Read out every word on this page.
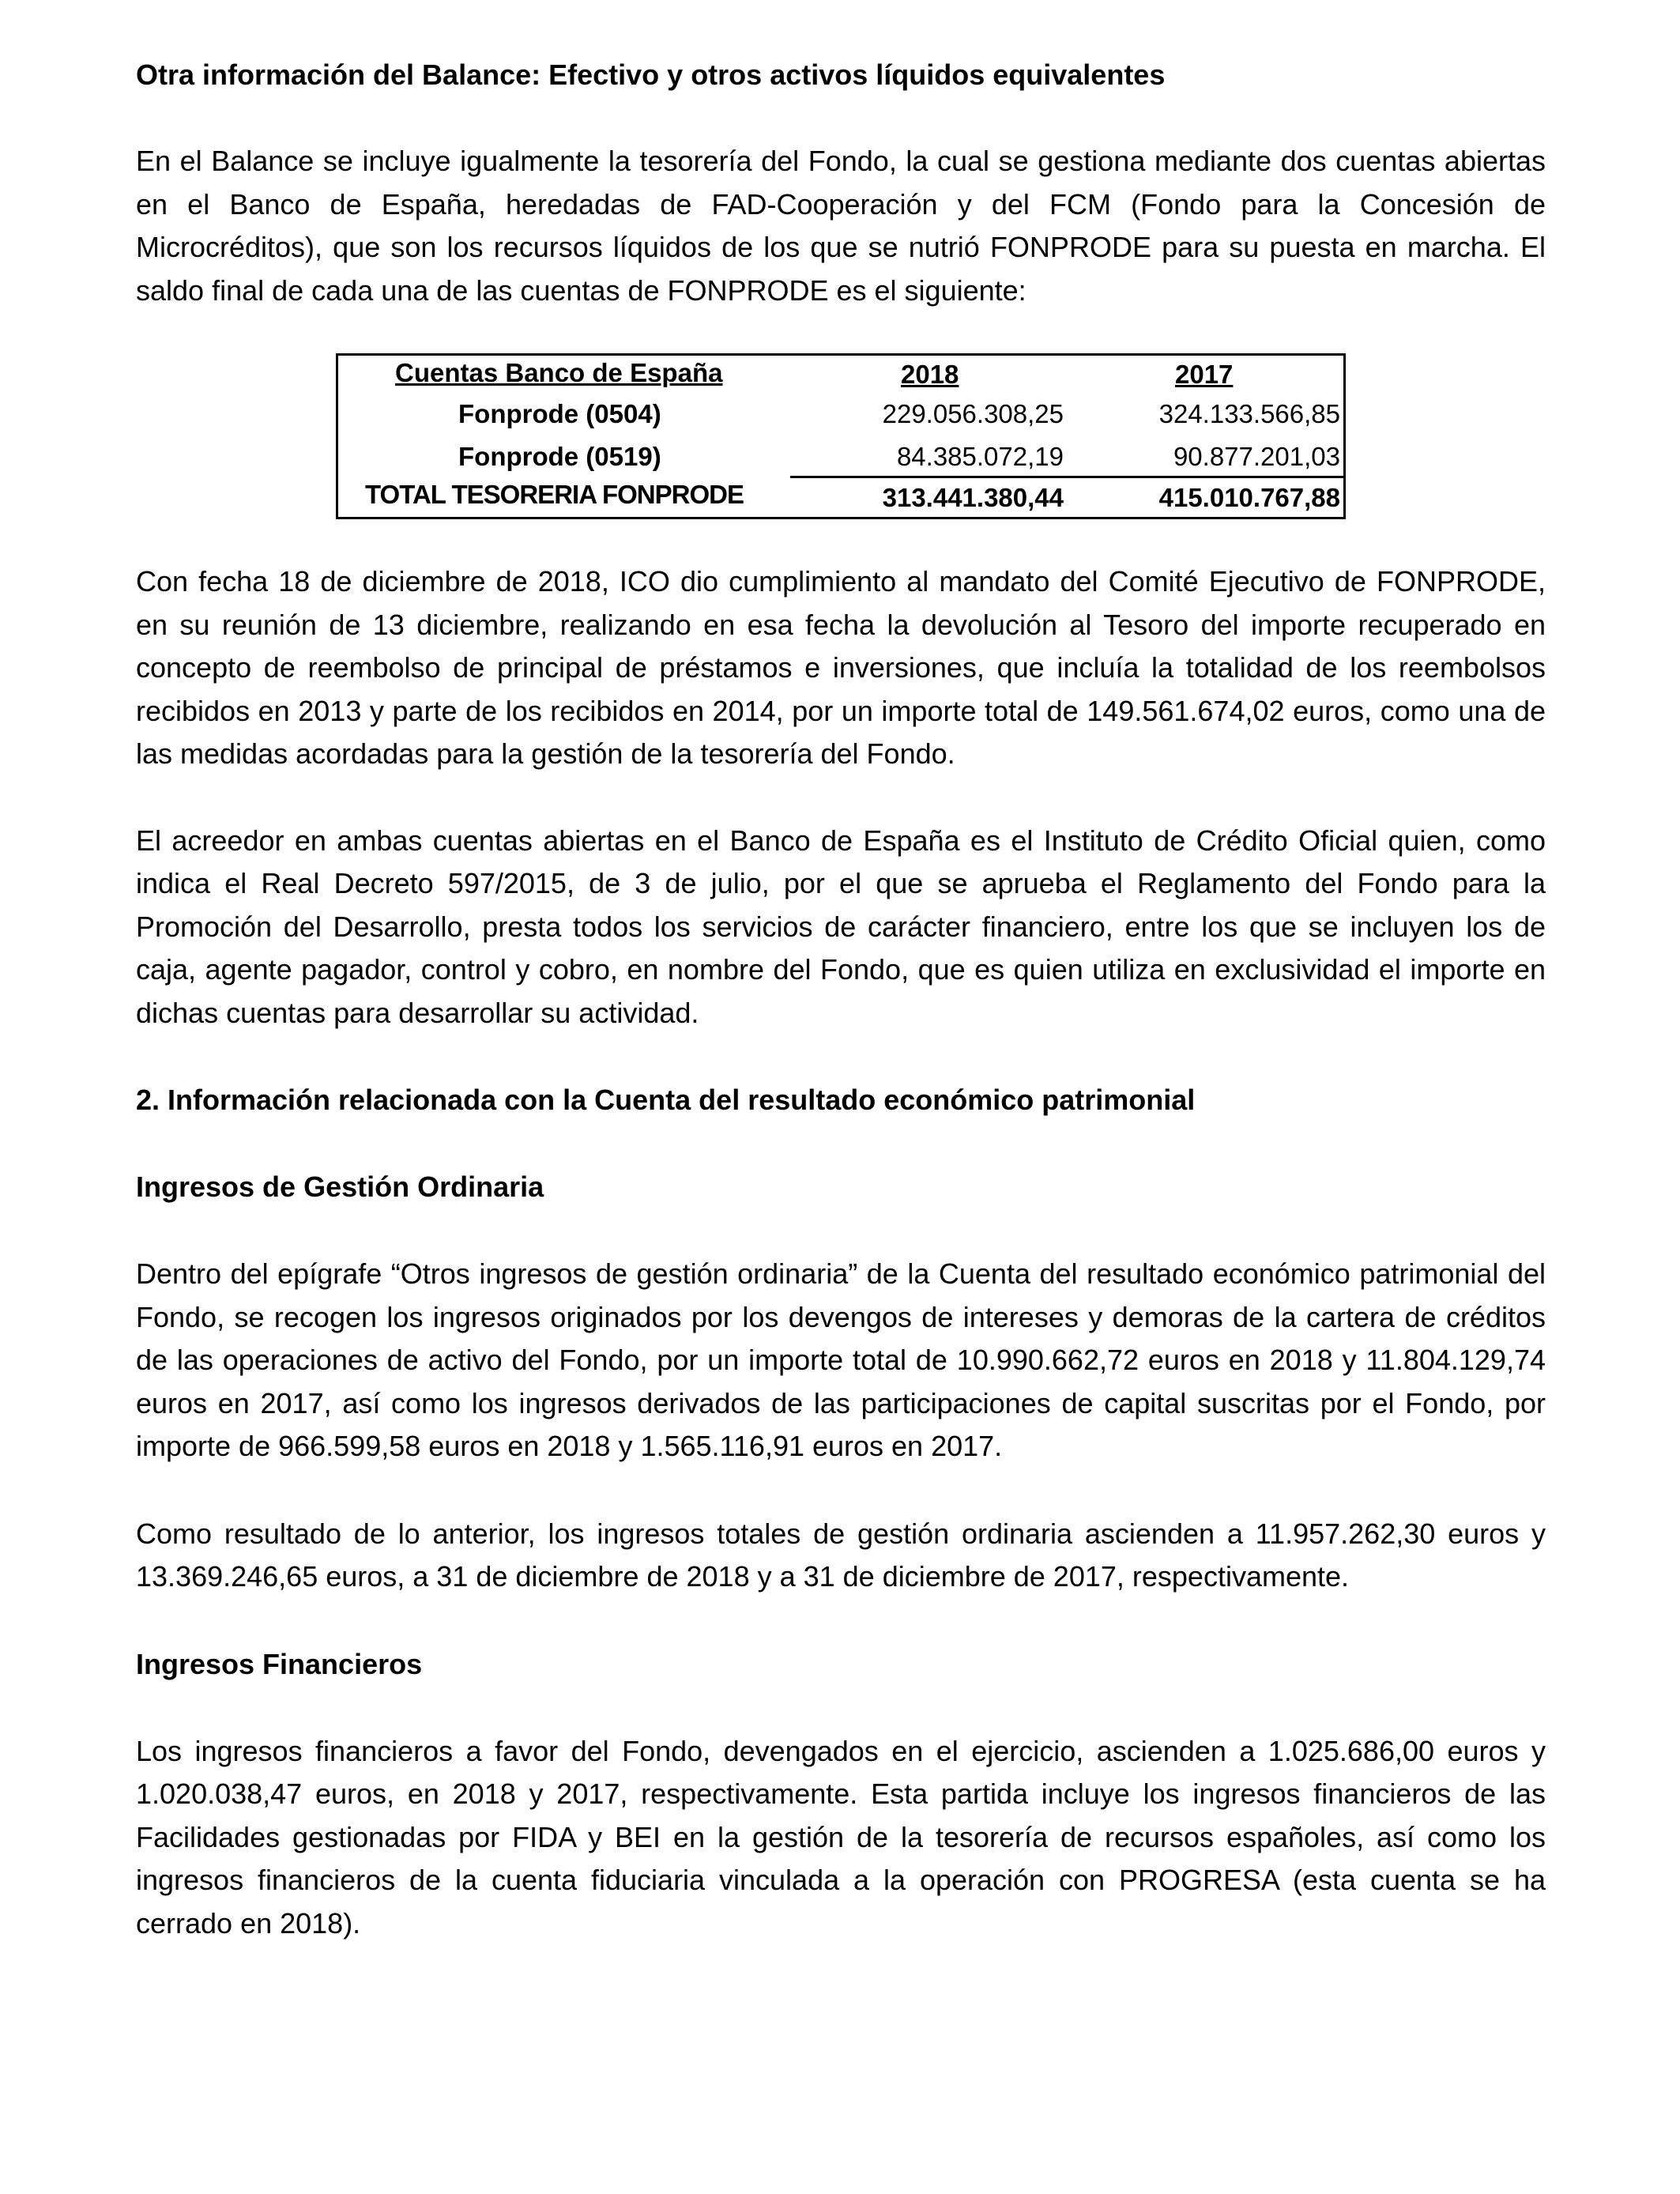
Otra información del Balance: Efectivo y otros activos líquidos equivalentes

En el Balance se incluye igualmente la tesorería del Fondo, la cual se gestiona mediante dos cuentas abiertas en el Banco de España, heredadas de FAD-Cooperación y del FCM (Fondo para la Concesión de Microcréditos), que son los recursos líquidos de los que se nutrió FONPRODE para su puesta en marcha. El saldo final de cada una de las cuentas de FONPRODE es el siguiente:

Cuentas Banco de España	2018	2017
Fonprode (0504)	229.056.308,25	324.133.566,85
Fonprode (0519)	84.385.072,19	90.877.201,03
TOTAL TESORERIA FONPRODE	313.441.380,44	415.010.767,88

Con fecha 18 de diciembre de 2018, ICO dio cumplimiento al mandato del Comité Ejecutivo de FONPRODE, en su reunión de 13 diciembre, realizando en esa fecha la devolución al Tesoro del importe recuperado en concepto de reembolso de principal de préstamos e inversiones, que incluía la totalidad de los reembolsos recibidos en 2013 y parte de los recibidos en 2014, por un importe total de 149.561.674,02 euros, como una de las medidas acordadas para la gestión de la tesorería del Fondo.

El acreedor en ambas cuentas abiertas en el Banco de España es el Instituto de Crédito Oficial quien, como indica el Real Decreto 597/2015, de 3 de julio, por el que se aprueba el Reglamento del Fondo para la Promoción del Desarrollo, presta todos los servicios de carácter financiero, entre los que se incluyen los de caja, agente pagador, control y cobro, en nombre del Fondo, que es quien utiliza en exclusividad el importe en dichas cuentas para desarrollar su actividad.

2. Información relacionada con la Cuenta del resultado económico patrimonial

Ingresos de Gestión Ordinaria

Dentro del epígrafe “Otros ingresos de gestión ordinaria” de la Cuenta del resultado económico patrimonial del Fondo, se recogen los ingresos originados por los devengos de intereses y demoras de la cartera de créditos de las operaciones de activo del Fondo, por un importe total de 10.990.662,72 euros en 2018 y 11.804.129,74 euros en 2017, así como los ingresos derivados de las participaciones de capital suscritas por el Fondo, por importe de 966.599,58 euros en 2018 y 1.565.116,91 euros en 2017.

Como resultado de lo anterior, los ingresos totales de gestión ordinaria ascienden a 11.957.262,30 euros y 13.369.246,65 euros, a 31 de diciembre de 2018 y a 31 de diciembre de 2017, respectivamente.

Ingresos Financieros

Los ingresos financieros a favor del Fondo, devengados en el ejercicio, ascienden a 1.025.686,00 euros y 1.020.038,47 euros, en 2018 y 2017, respectivamente. Esta partida incluye los ingresos financieros de las Facilidades gestionadas por FIDA y BEI en la gestión de la tesorería de recursos españoles, así como los ingresos financieros de la cuenta fiduciaria vinculada a la operación con PROGRESA (esta cuenta se ha cerrado en 2018).
